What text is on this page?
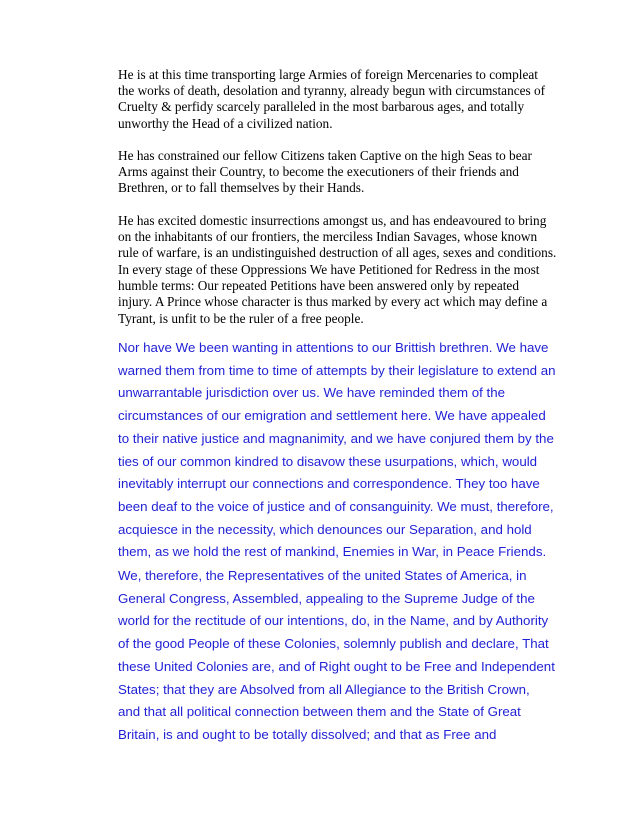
He is at this time transporting large Armies of foreign Mercenaries to compleat
the works of death, desolation and tyranny, already begun with circumstances of
Cruelty & perfidy scarcely paralleled in the most barbarous ages, and totally
unworthy the Head of a civilized nation.

He has constrained our fellow Citizens taken Captive on the high Seas to bear
Arms against their Country, to become the executioners of their friends and
Brethren, or to fall themselves by their Hands.

He has excited domestic insurrections amongst us, and has endeavoured to bring
on the inhabitants of our frontiers, the merciless Indian Savages, whose known
rule of warfare, is an undistinguished destruction of all ages, sexes and conditions.

In every stage of these Oppressions We have Petitioned for Redress in the most
humble terms: Our repeated Petitions have been answered only by repeated
injury. A Prince whose character is thus marked by every act which may define a
Tyrant, is unfit to be the ruler of a free people.

Nor have We been wanting in attentions to our Brittish brethren. We have
warned them from time to time of attempts by their legislature to extend an
unwarrantable jurisdiction over us. We have reminded them of the
circumstances of our emigration and settlement here. We have appealed
to their native justice and magnanimity, and we have conjured them by the
ties of our common kindred to disavow these usurpations, which, would
inevitably interrupt our connections and correspondence. They too have
been deaf to the voice of justice and of consanguinity. We must, therefore,
acquiesce in the necessity, which denounces our Separation, and hold
them, as we hold the rest of mankind, Enemies in War, in Peace Friends.

We, therefore, the Representatives of the united States of America, in
General Congress, Assembled, appealing to the Supreme Judge of the
world for the rectitude of our intentions, do, in the Name, and by Authority
of the good People of these Colonies, solemnly publish and declare, That
these United Colonies are, and of Right ought to be Free and Independent
States; that they are Absolved from all Allegiance to the British Crown,
and that all political connection between them and the State of Great
Britain, is and ought to be totally dissolved; and that as Free and
